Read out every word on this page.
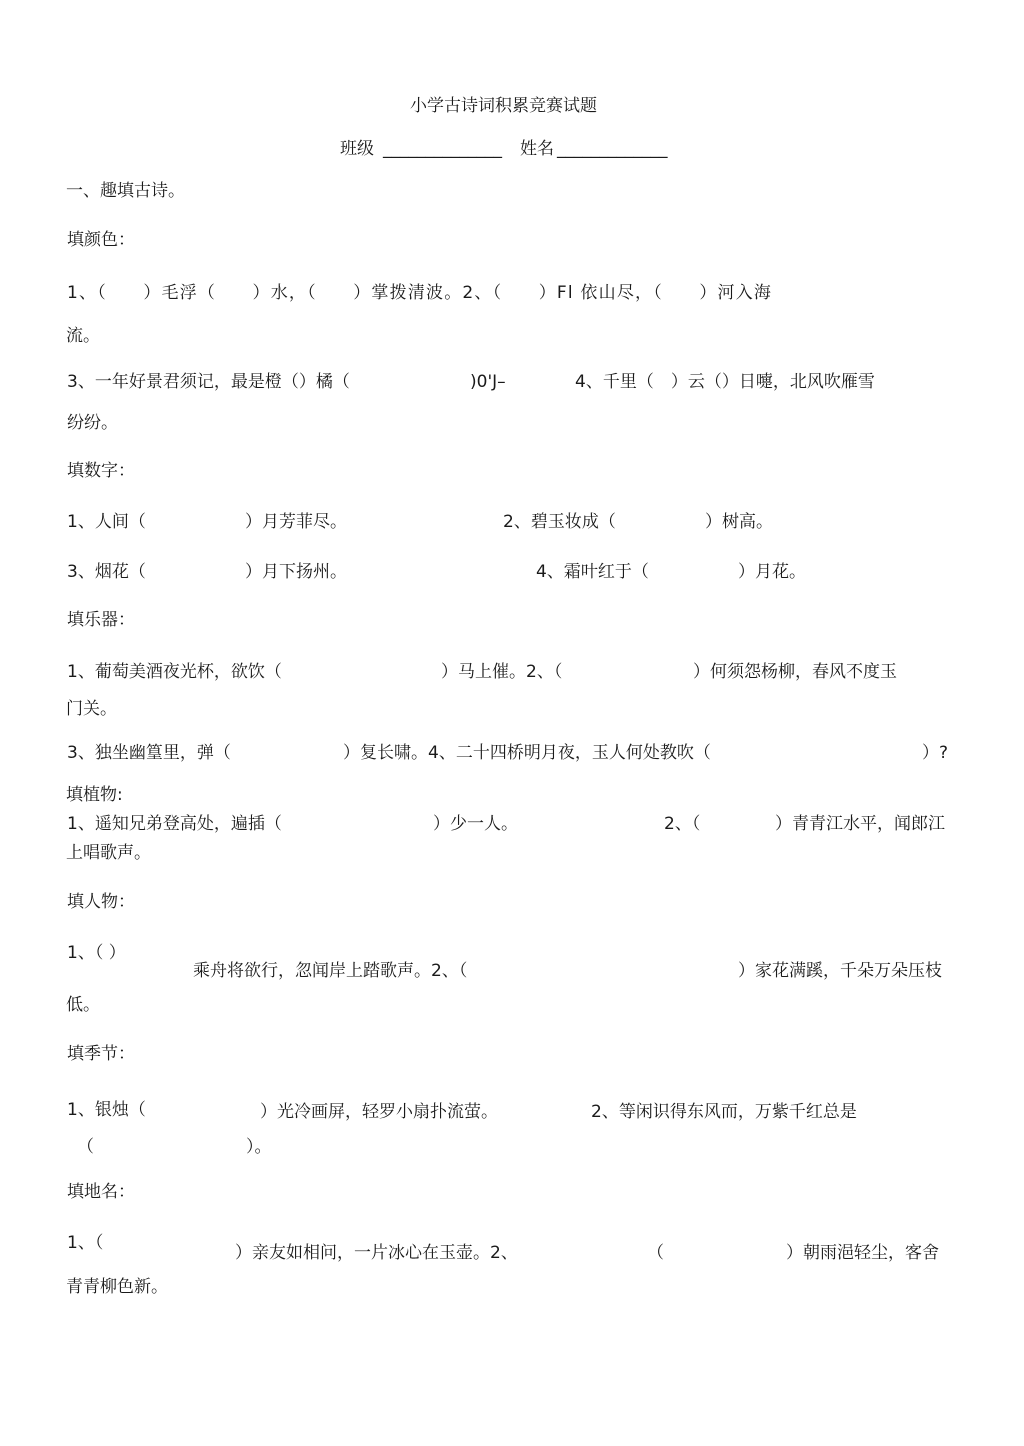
小学古诗词积累竞赛试题
班级 ______________ 姓名 _____________
一、趣填古诗。
填颜色：
1、（　　）毛浮（　　）水，（　　）掌拨清波。2、（　　）Fl 依山尽，（　　）河入海
流。
3、一年好景君须记，最是橙（）橘（	)0'J–	4、千里（　）云（）日嚏，北风吹雁雪
纷纷。
填数字：
1、人间（	）月芳菲尽。	2、碧玉妆成（	）树高。
3、烟花（	）月下扬州。	4、霜叶红于（	）月花。
填乐器：
1、葡萄美酒夜光杯，欲饮（	）马上催。2、（	）何须怨杨柳，春风不度玉
门关。
3、独坐幽篁里，弹（	）复长啸。4、二十四桥明月夜，玉人何处教吹（	）?
填植物:
1、遥知兄弟登高处，遍插（	）少一人。	2、（	）青青江水平，闻郎江
上唱歌声。
填人物：
1、（ ）
乘舟将欲行，忽闻岸上踏歌声。2、（	）家花满蹊，千朵万朵压枝
低。
填季节：
1、银烛（	）光冷画屏，轻罗小扇扑流萤。	2、等闲识得东风而，万紫千红总是
（	）。
填地名：
1、（	）亲友如相问，一片冰心在玉壶。2、	（	）朝雨浥轻尘，客舍
青青柳色新。
